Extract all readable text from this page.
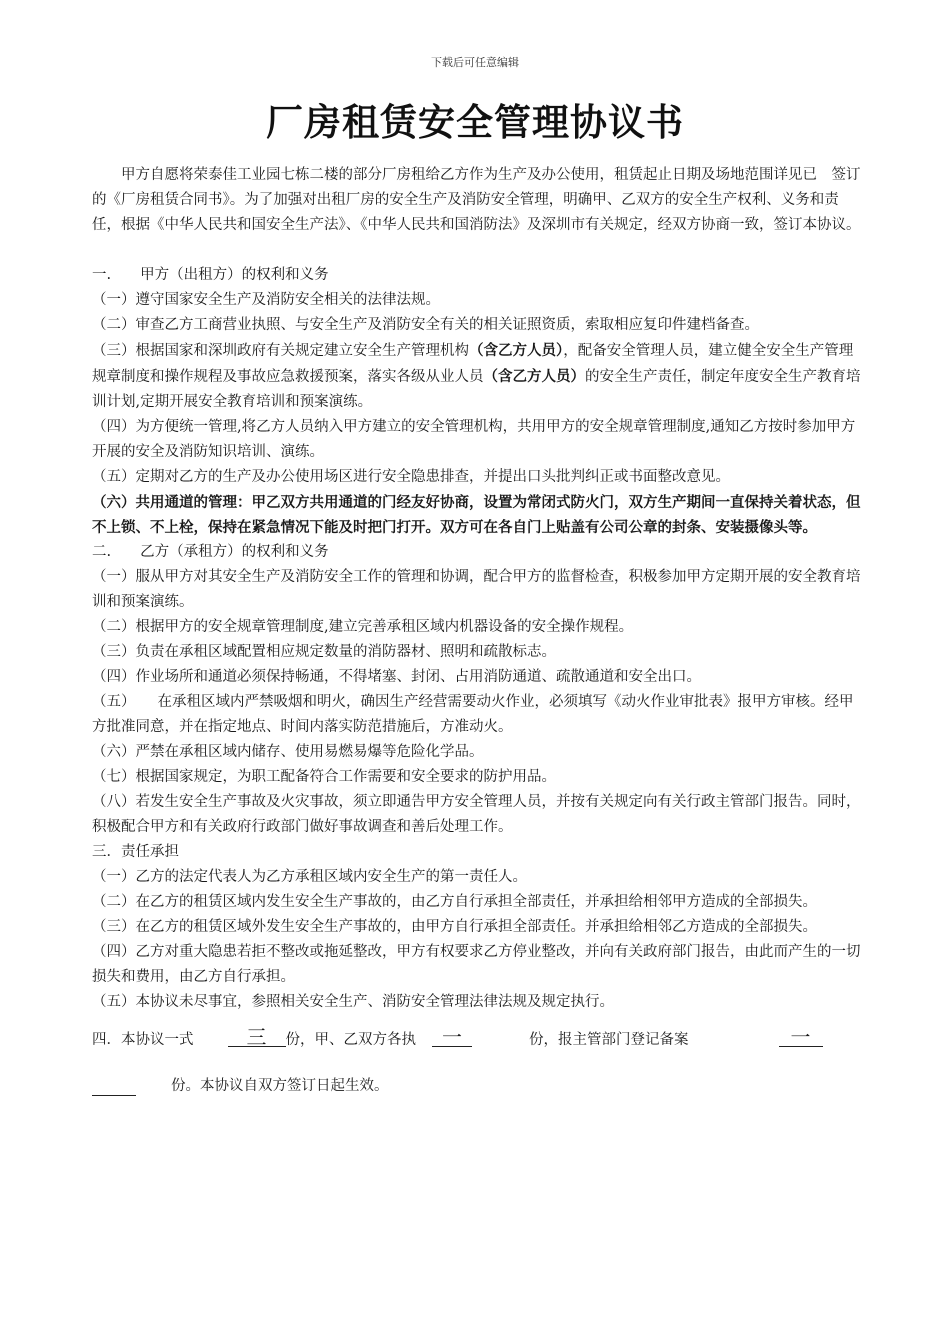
下载后可任意编辑
厂房租赁安全管理协议书

甲方自愿将荣泰佳工业园七栋二楼的部分厂房租给乙方作为生产及办公使用，租赁起止日期及场地范围详见已　签订的《厂房租赁合同书》。为了加强对出租厂房的安全生产及消防安全管理，明确甲、乙双方的安全生产权利、义务和责任，根据《中华人民共和国安全生产法》、《中华人民共和国消防法》及深圳市有关规定，经双方协商一致，签订本协议。

一. 甲方（出租方）的权利和义务

（一）遵守国家安全生产及消防安全相关的法律法规。

（二）审查乙方工商营业执照、与安全生产及消防安全有关的相关证照资质，索取相应复印件建档备查。

（三）根据国家和深圳政府有关规定建立安全生产管理机构（含乙方人员），配备安全管理人员，建立健全安全生产管理规章制度和操作规程及事故应急救援预案，落实各级从业人员（含乙方人员）的安全生产责任，制定年度安全生产教育培训计划,定期开展安全教育培训和预案演练。

（四）为方便统一管理,将乙方人员纳入甲方建立的安全管理机构，共用甲方的安全规章管理制度,通知乙方按时参加甲方开展的安全及消防知识培训、演练。

（五）定期对乙方的生产及办公使用场区进行安全隐患排查，并提出口头批判纠正或书面整改意见。

（六）共用通道的管理：甲乙双方共用通道的门经友好协商，设置为常闭式防火门，双方生产期间一直保持关着状态，但不上锁、不上栓，保持在紧急情况下能及时把门打开。双方可在各自门上贴盖有公司公章的封条、安装摄像头等。

二. 乙方（承租方）的权利和义务

（一）服从甲方对其安全生产及消防安全工作的管理和协调，配合甲方的监督检查，积极参加甲方定期开展的安全教育培训和预案演练。

（二）根据甲方的安全规章管理制度,建立完善承租区域内机器设备的安全操作规程。

（三）负责在承租区域配置相应规定数量的消防器材、照明和疏散标志。

（四）作业场所和通道必须保持畅通，不得堵塞、封闭、占用消防通道、疏散通道和安全出口。

（五） 在承租区域内严禁吸烟和明火，确因生产经营需要动火作业，必须填写《动火作业审批表》报甲方审核。经甲方批准同意，并在指定地点、时间内落实防范措施后，方准动火。

（六）严禁在承租区域内储存、使用易燃易爆等危险化学品。

（七）根据国家规定，为职工配备符合工作需要和安全要求的防护用品。

（八）若发生安全生产事故及火灾事故，须立即通告甲方安全管理人员，并按有关规定向有关行政主管部门报告。同时，积极配合甲方和有关政府行政部门做好事故调查和善后处理工作。

三．责任承担

（一）乙方的法定代表人为乙方承租区域内安全生产的第一责任人。

（二）在乙方的租赁区域内发生安全生产事故的，由乙方自行承担全部责任，并承担给相邻甲方造成的全部损失。

（三）在乙方的租赁区域外发生安全生产事故的，由甲方自行承担全部责任。并承担给相邻乙方造成的全部损失。

（四）乙方对重大隐患若拒不整改或拖延整改，甲方有权要求乙方停业整改，并向有关政府部门报告，由此而产生的一切损失和费用，由乙方自行承担。

（五）本协议未尽事宜，参照相关安全生产、消防安全管理法律法规及规定执行。

四．本协议一式	三 份，甲、乙双方各执 一	份，报主管部门登记备案	一
份。本协议自双方签订日起生效。
